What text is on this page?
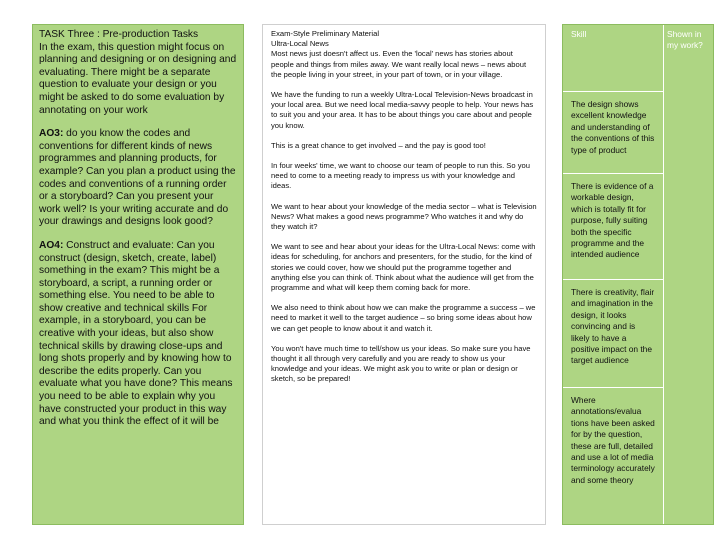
TASK Three : Pre-production Tasks
In the exam, this question might focus on planning and designing or on designing and evaluating. There might be a separate question to evaluate your design or you might be asked to do some evaluation by annotating on your work

AO3: do you know the codes and conventions for different kinds of news programmes and planning products, for example? Can you plan a product using the codes and conventions of a running order or a storyboard? Can you present your work well? Is your writing accurate and do your drawings and designs look good?

AO4: Construct and evaluate: Can you construct (design, sketch, create, label) something in the exam? This might be a storyboard, a script, a running order or something else. You need to be able to show creative and technical skills For example, in a storyboard, you can be creative with your ideas, but also show technical skills by drawing close-ups and long shots properly and by knowing how to describe the edits properly. Can you evaluate what you have done? This means you need to be able to explain why you have constructed your product in this way and what you think the effect of it will be

Exam-Style Preliminary Material
Ultra-Local News

Most news just doesn't affect us. Even the 'local' news has stories about people and things from miles away. We want really local news – news about the people living in your street, in your part of town, or in your village.

We have the funding to run a weekly Ultra-Local Television-News broadcast in your local area. But we need local media-savvy people to help. Your news has to suit you and your area. It has to be about things you care about and people you know.

This is a great chance to get involved – and the pay is good too!

In four weeks' time, we want to choose our team of people to run this. So you need to come to a meeting ready to impress us with your knowledge and ideas.

We want to hear about your knowledge of the media sector – what is Television News? What makes a good news programme? Who watches it and why do they watch it?

We want to see and hear about your ideas for the Ultra-Local News: come with ideas for scheduling, for anchors and presenters, for the studio, for the kind of stories we could cover, how we should put the programme together and anything else you can think of. Think about what the audience will get from the programme and what will keep them coming back for more.

We also need to think about how we can make the programme a success – we need to market it well to the target audience – so bring some ideas about how we can get people to know about it and watch it.

You won't have much time to tell/show us your ideas. So make sure you have thought it all through very carefully and you are ready to show us your knowledge and your ideas. We might ask you to write or plan or design or sketch, so be prepared!

Skill	Shown in my work?
The design shows excellent knowledge and understanding of the conventions of this type of product
There is evidence of a workable design, which is totally fit for purpose, fully suiting both the specific programme and the intended audience
There is creativity, flair and imagination in the design, it looks convincing and is likely to have a positive impact on the target audience
Where annotations/evalua tions have been asked for by the question, these are full, detailed and use a lot of media terminology accurately and some theory
